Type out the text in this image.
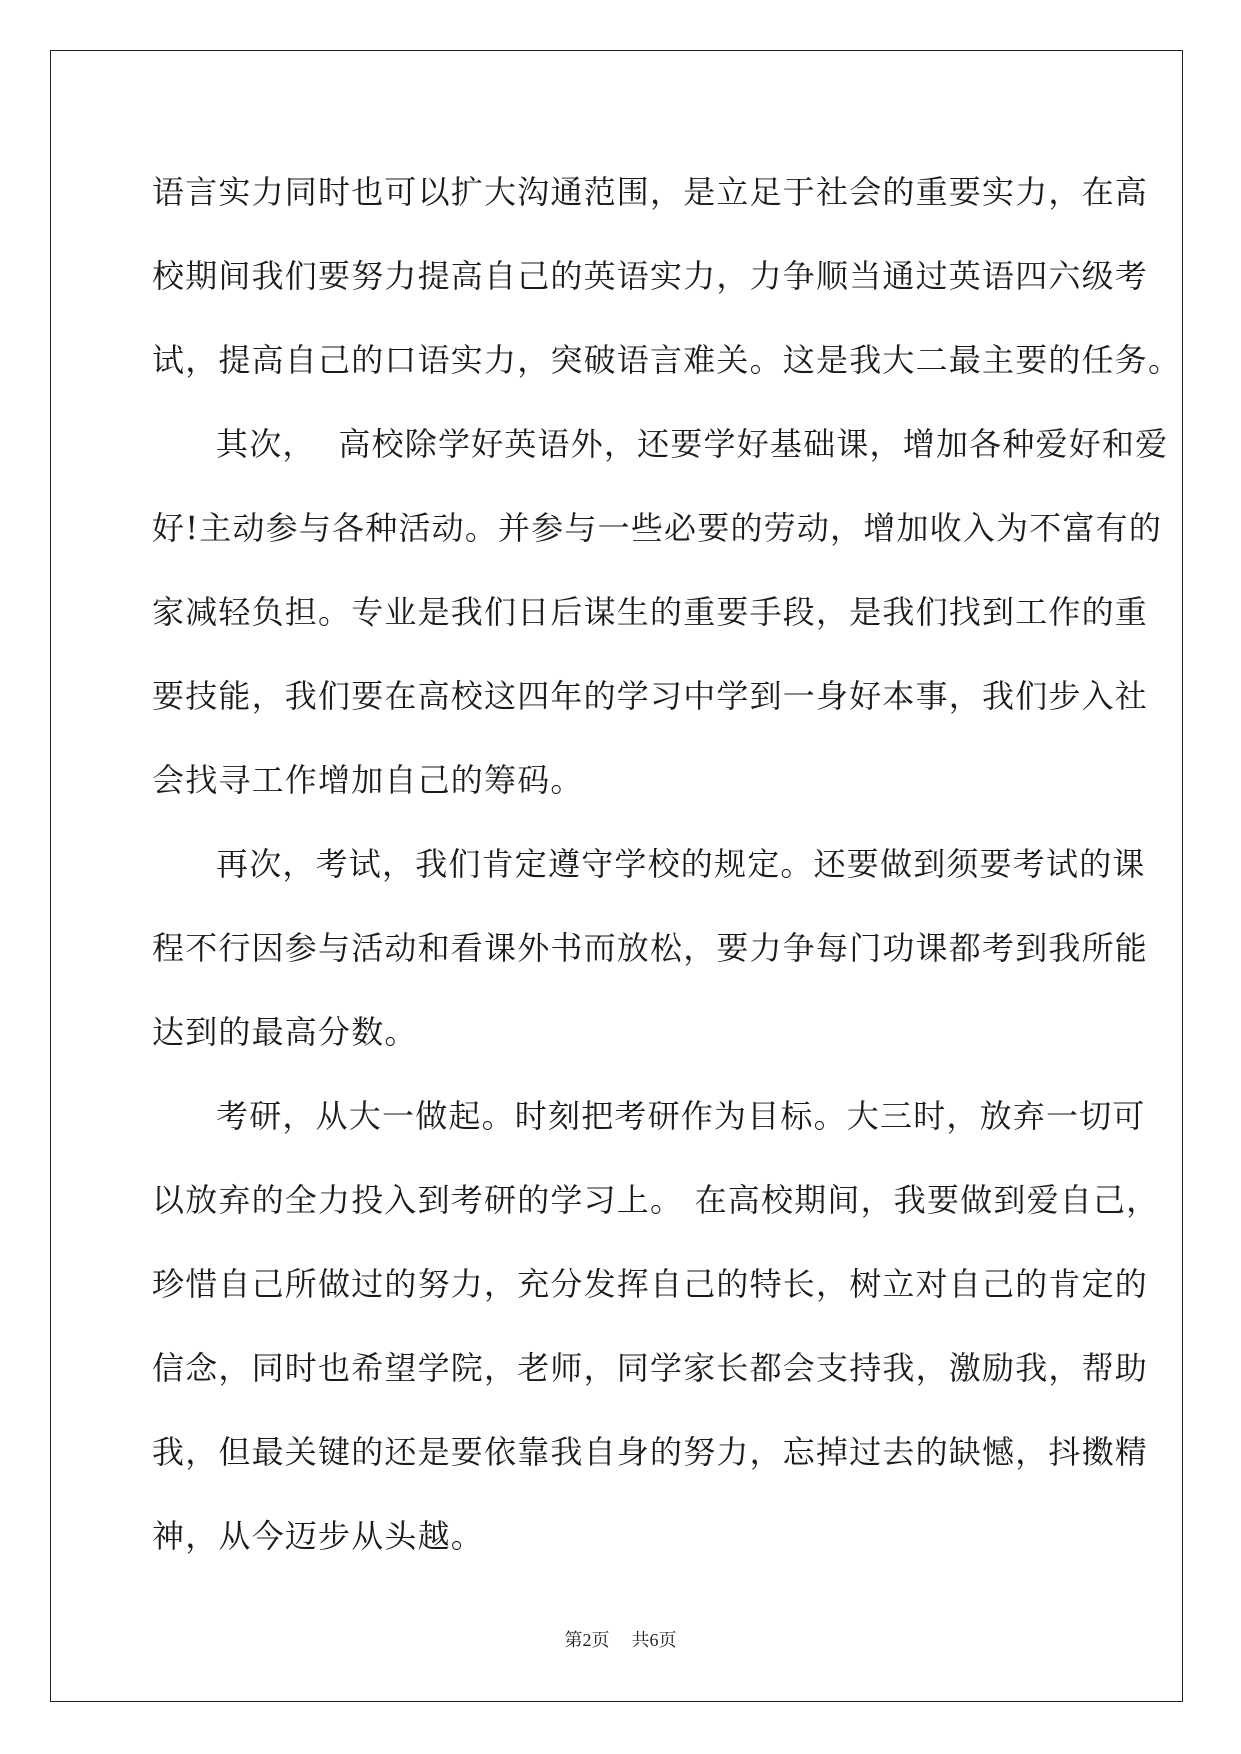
语言实力同时也可以扩大沟通范围，是立足于社会的重要实力，在高
校期间我们要努力提高自己的英语实力，力争顺当通过英语四六级考
试，提高自己的口语实力，突破语言难关。这是我大二最主要的任务。
其次，  高校除学好英语外，还要学好基础课，增加各种爱好和爱
好!主动参与各种活动。并参与一些必要的劳动，增加收入为不富有的
家减轻负担。专业是我们日后谋生的重要手段，是我们找到工作的重
要技能，我们要在高校这四年的学习中学到一身好本事，我们步入社
会找寻工作增加自己的筹码。
再次，考试，我们肯定遵守学校的规定。还要做到须要考试的课
程不行因参与活动和看课外书而放松，要力争每门功课都考到我所能
达到的最高分数。
考研，从大一做起。时刻把考研作为目标。大三时，放弃一切可
以放弃的全力投入到考研的学习上。 在高校期间，我要做到爱自己，
珍惜自己所做过的努力，充分发挥自己的特长，树立对自己的肯定的
信念，同时也希望学院，老师，同学家长都会支持我，激励我，帮助
我，但最关键的还是要依靠我自身的努力，忘掉过去的缺憾，抖擞精
神，从今迈步从头越。
第2页 共6页
